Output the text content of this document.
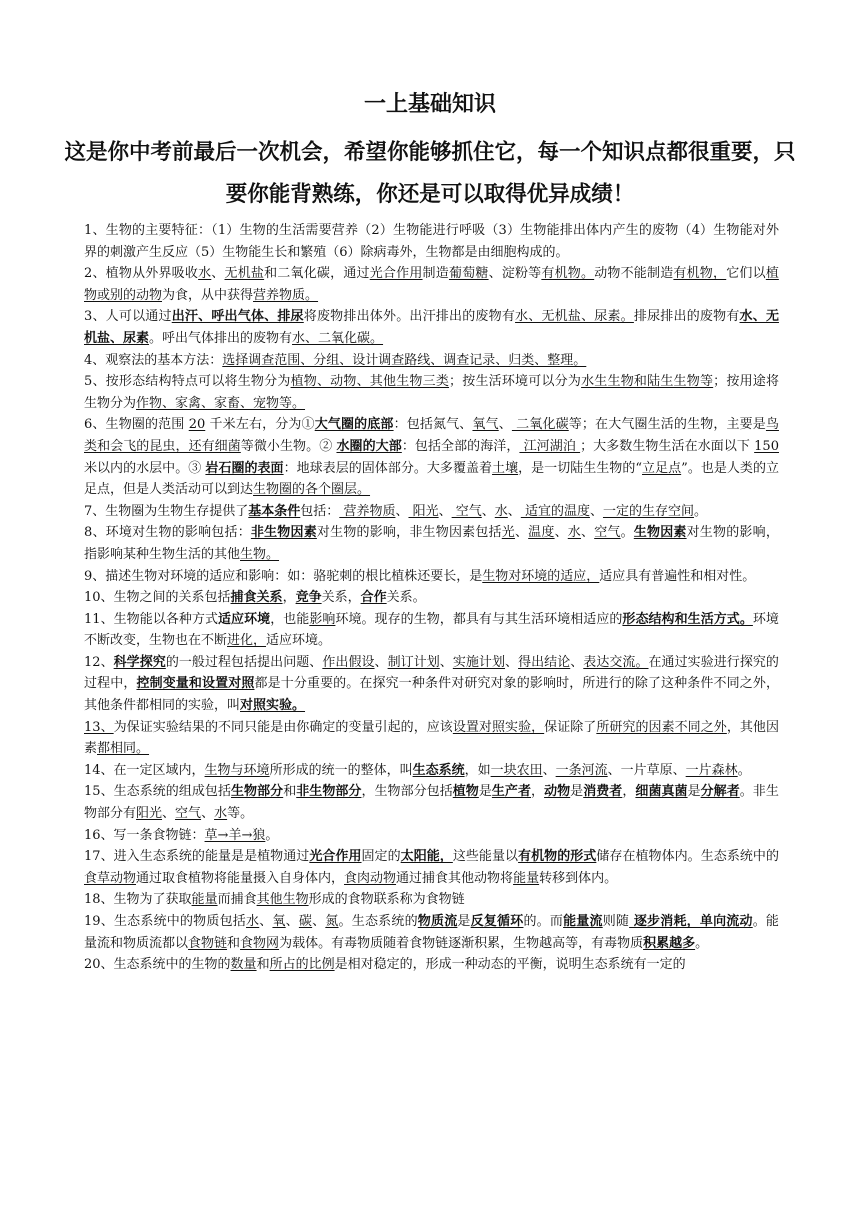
一上基础知识
这是你中考前最后一次机会，希望你能够抓住它，每一个知识点都很重要，只要你能背熟练，你还是可以取得优异成绩！

1、生物的主要特征：（1）生物的生活需要营养（2）生物能进行呼吸（3）生物能排出体内产生的废物（4）生物能对外界的刺激产生反应（5）生物能生长和繁殖（6）除病毒外，生物都是由细胞构成的。

2、植物从外界吸收水、无机盐和二氧化碳，通过光合作用制造葡萄糖、淀粉等有机物。动物不能制造有机物，它们以植物或别的动物为食，从中获得营养物质。

3、人可以通过出汗、呼出气体、排尿将废物排出体外。出汗排出的废物有水、无机盐、尿素。排尿排出的废物有水、无机盐、尿素。呼出气体排出的废物有水、二氧化碳。

4、观察法的基本方法：选择调查范围、分组、设计调查路线、调查记录、归类、整理。

5、按形态结构特点可以将生物分为植物、动物、其他生物三类；按生活环境可以分为水生生物和陆生生物等；按用途将生物分为作物、家禽、家畜、宠物等。

6、生物圈的范围 20 千米左右，分为①大气圈的底部：包括氮气、氧气、 二氧化碳等；在大气圈生活的生物，主要是鸟类和会飞的昆虫，还有细菌等微小生物。② 水圈的大部：包括全部的海洋， 江河湖泊 ；大多数生物生活在水面以下 150 米以内的水层中。③ 岩石圈的表面：地球表层的固体部分。大多覆盖着土壤，是一切陆生生物的“立足点”。也是人类的立足点，但是人类活动可以到达生物圈的各个圈层。

7、生物圈为生物生存提供了基本条件包括： 营养物质、 阳光、 空气、水、 适宜的温度、一定的生存空间。

8、环境对生物的影响包括：非生物因素对生物的影响，非生物因素包括光、温度、水、空气。生物因素对生物的影响，指影响某种生物生活的其他生物。

9、描述生物对环境的适应和影响：如：骆驼刺的根比植株还要长，是生物对环境的适应，适应具有普遍性和相对性。

10、生物之间的关系包括捕食关系，竞争关系，合作关系。

11、生物能以各种方式适应环境，也能影响环境。现存的生物，都具有与其生活环境相适应的形态结构和生活方式。环境不断改变，生物也在不断进化，适应环境。

12、科学探究的一般过程包括提出问题、作出假设、制订计划、实施计划、得出结论、表达交流。在通过实验进行探究的过程中，控制变量和设置对照都是十分重要的。在探究一种条件对研究对象的影响时，所进行的除了这种条件不同之外，其他条件都相同的实验，叫对照实验。

13、为保证实验结果的不同只能是由你确定的变量引起的，应该设置对照实验，保证除了所研究的因素不同之外，其他因素都相同。

14、在一定区域内，生物与环境所形成的统一的整体，叫生态系统，如一块农田、一条河流、一片草原、一片森林。

15、生态系统的组成包括生物部分和非生物部分，生物部分包括植物是生产者，动物是消费者，细菌真菌是分解者。非生物部分有阳光、空气、水等。

16、写一条食物链：草→羊→狼。

17、进入生态系统的能量是是植物通过光合作用固定的太阳能，这些能量以有机物的形式储存在植物体内。生态系统中的食草动物通过取食植物将能量摄入自身体内，食肉动物通过捕食其他动物将能量转移到体内。

18、生物为了获取能量而捕食其他生物形成的食物联系称为食物链

19、生态系统中的物质包括水、氧、碳、氮。生态系统的物质流是反复循环的。而能量流则随 逐步消耗，单向流动。能量流和物质流都以食物链和食物网为载体。有毒物质随着食物链逐渐积累，生物越高等，有毒物质积累越多。

20、生态系统中的生物的数量和所占的比例是相对稳定的，形成一种动态的平衡，说明生态系统有一定的
